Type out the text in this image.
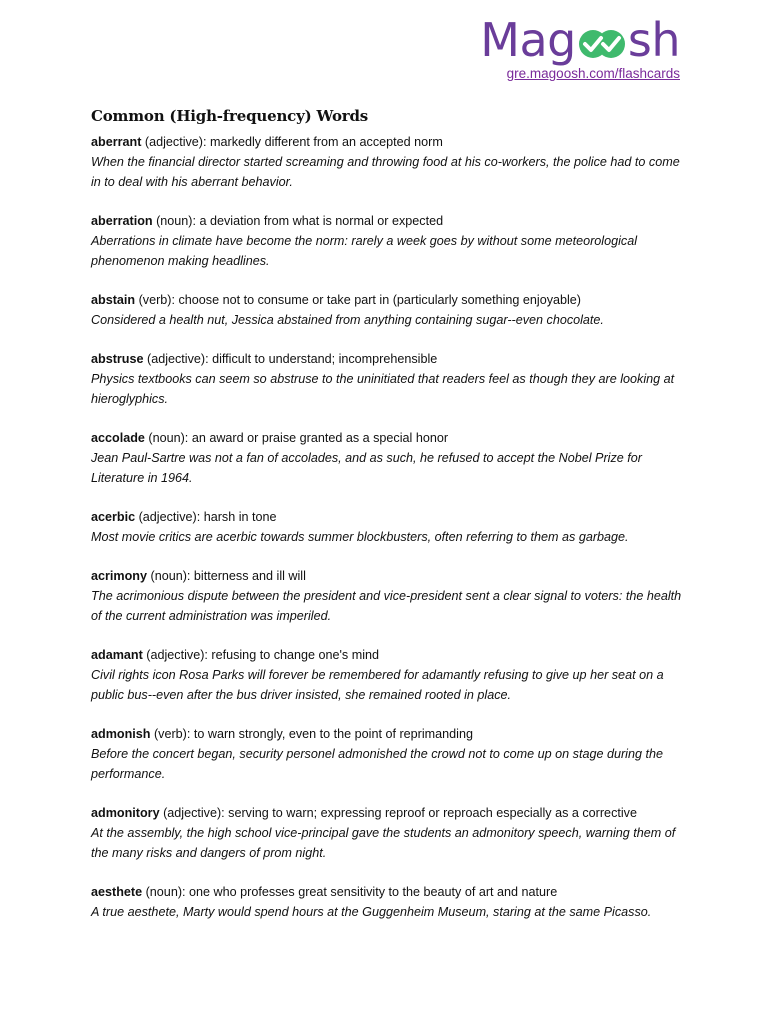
Mag sh
gre.magoosh.com/flashcards
Common (High-frequency) Words

aberrant (adjective): markedly different from an accepted norm

When the financial director started screaming and throwing food at his co-workers, the police had to come in to deal with his aberrant behavior.

aberration (noun): a deviation from what is normal or expected

Aberrations in climate have become the norm: rarely a week goes by without some meteorological phenomenon making headlines.

abstain (verb): choose not to consume or take part in (particularly something enjoyable)

Considered a health nut, Jessica abstained from anything containing sugar--even chocolate.

abstruse (adjective): difficult to understand; incomprehensible

Physics textbooks can seem so abstruse to the uninitiated that readers feel as though they are looking at hieroglyphics.

accolade (noun): an award or praise granted as a special honor

Jean Paul-Sartre was not a fan of accolades, and as such, he refused to accept the Nobel Prize for Literature in 1964.

acerbic (adjective): harsh in tone

Most movie critics are acerbic towards summer blockbusters, often referring to them as garbage.

acrimony (noun): bitterness and ill will

The acrimonious dispute between the president and vice-president sent a clear signal to voters: the health of the current administration was imperiled.

adamant (adjective): refusing to change one's mind

Civil rights icon Rosa Parks will forever be remembered for adamantly refusing to give up her seat on a public bus--even after the bus driver insisted, she remained rooted in place.

admonish (verb): to warn strongly, even to the point of reprimanding

Before the concert began, security personel admonished the crowd not to come up on stage during the performance.

admonitory (adjective): serving to warn; expressing reproof or reproach especially as a corrective

At the assembly, the high school vice-principal gave the students an admonitory speech, warning them of the many risks and dangers of prom night.

aesthete (noun): one who professes great sensitivity to the beauty of art and nature

A true aesthete, Marty would spend hours at the Guggenheim Museum, staring at the same Picasso.
